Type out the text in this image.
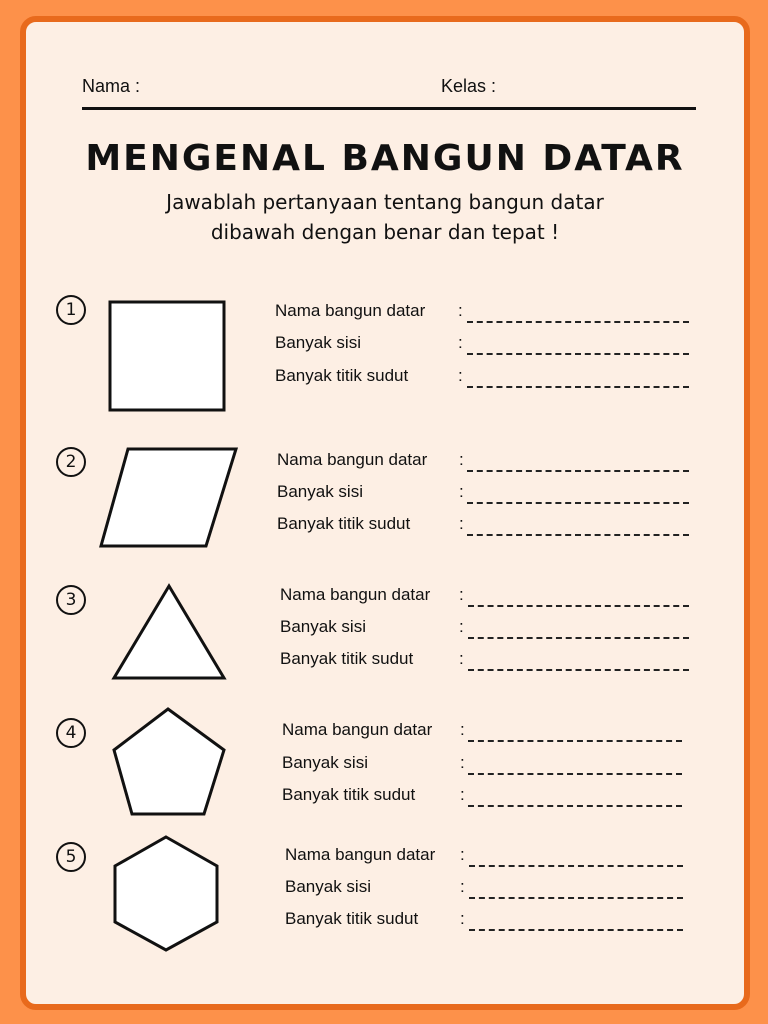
Nama :	Kelas :
MENGENAL BANGUN DATAR
Jawablah pertanyaan tentang bangun datar
dibawah dengan benar dan tepat !
1	Nama bangun datar :
Banyak sisi	:
Banyak titik sudut	:
2	Nama bangun datar :
Banyak sisi	:
Banyak titik sudut	:
3	Nama bangun datar :
Banyak sisi	:
Banyak titik sudut	:
4	Nama bangun datar :
Banyak sisi	:
Banyak titik sudut	:
5	Nama bangun datar :
Banyak sisi	:
Banyak titik sudut :
